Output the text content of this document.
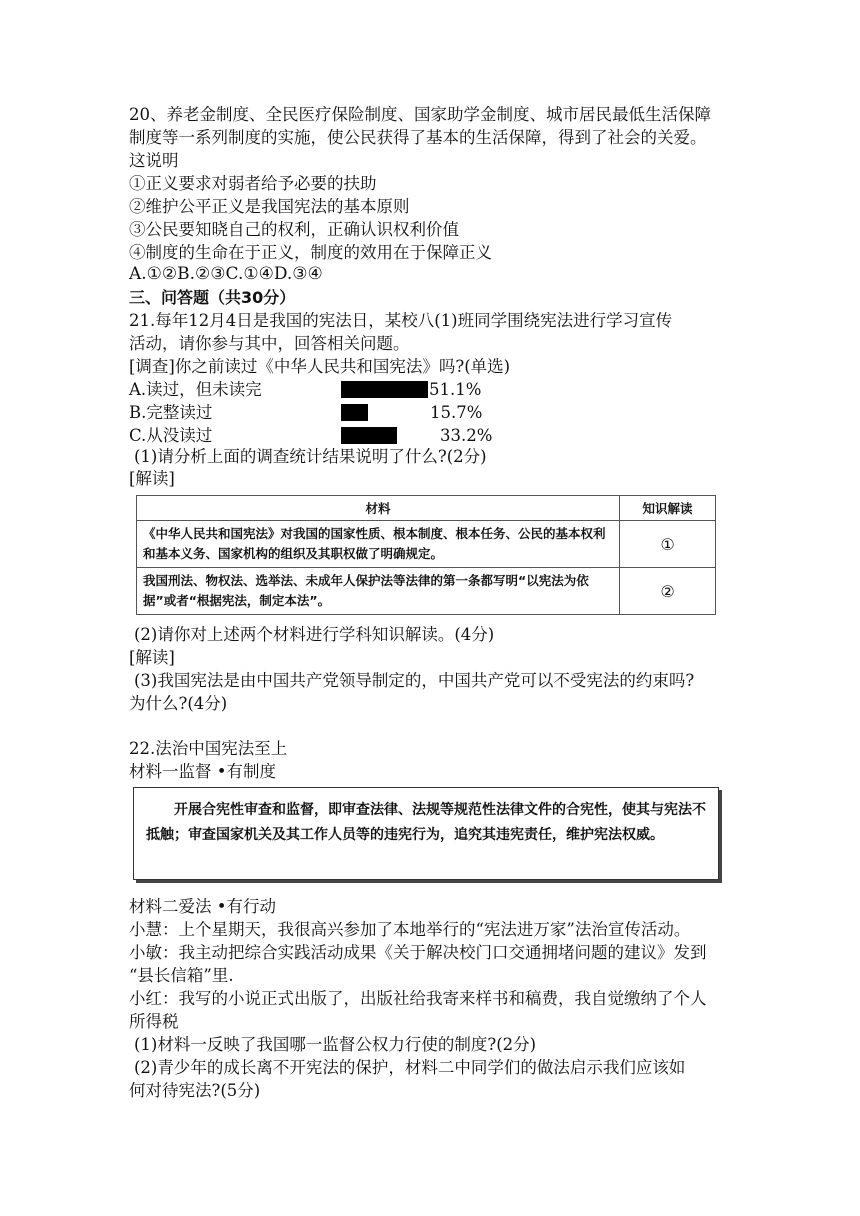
20、养老金制度、全民医疗保险制度、国家助学金制度、城市居民最低生活保障
制度等一系列制度的实施，使公民获得了基本的生活保障，得到了社会的关爱。
这说明
①正义要求对弱者给予必要的扶助
②维护公平正义是我国宪法的基本原则
③公民要知晓自己的权利，正确认识权利价值
④制度的生命在于正义，制度的效用在于保障正义
A.①②B.②③C.①④D.③④
三、问答题（共30分）
21.每年12月4日是我国的宪法日，某校八(1)班同学围绕宪法进行学习宣传
活动，请你参与其中，回答相关问题。
[调查]你之前读过《中华人民共和国宪法》吗?(单选)
A.读过，但未读完	51.1%
B.完整读过	15.7%
C.从没读过	33.2%
(1)请分析上面的调查统计结果说明了什么?(2分)
[解读]
材料	知识解读
《中华人民共和国宪法》对我国的国家性质、根本制度、根本任务、公民的基本权利和基本义务、国家机构的组织及其职权做了明确规定。	①
我国刑法、物权法、选举法、未成年人保护法等法律的第一条都写明“以宪法为依据”或者“根据宪法，制定本法”。	②
(2)请你对上述两个材料进行学科知识解读。(4分)
[解读]
(3)我国宪法是由中国共产党领导制定的，中国共产党可以不受宪法的约束吗?
为什么?(4分)
22.法治中国宪法至上
材料一监督 •有制度

开展合宪性审查和监督，即审查法律、法规等规范性法律文件的合宪性，使其与宪法不抵触；审查国家机关及其工作人员等的违宪行为，追究其违宪责任，维护宪法权威。

材料二爱法 •有行动
小慧：上个星期天，我很高兴参加了本地举行的“宪法进万家”法治宣传活动。
小敏：我主动把综合实践活动成果《关于解决校门口交通拥堵问题的建议》发到
“县长信箱”里.
小红：我写的小说正式出版了，出版社给我寄来样书和稿费，我自觉缴纳了个人
所得税
(1)材料一反映了我国哪一监督公权力行使的制度?(2分)
(2)青少年的成长离不开宪法的保护，材料二中同学们的做法启示我们应该如
何对待宪法?(5分)
